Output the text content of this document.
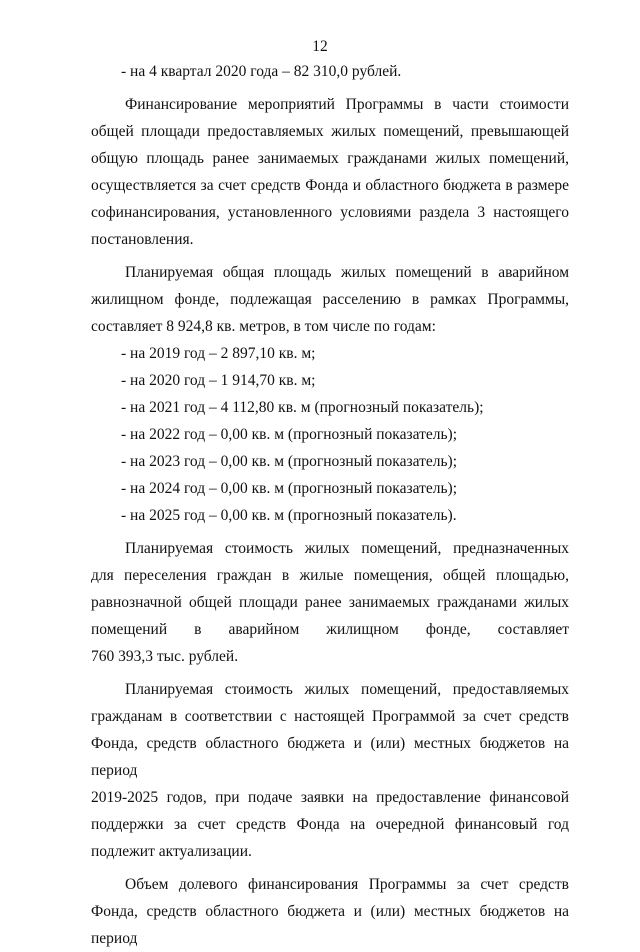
12

- на 4 квартал 2020 года – 82 310,0 рублей.

Финансирование мероприятий Программы в части стоимости

общей площади предоставляемых жилых помещений, превышающей

общую площадь ранее занимаемых гражданами жилых помещений,

осуществляется за счет средств Фонда и областного бюджета в размере

софинансирования, установленного условиями раздела 3 настоящего

постановления.

Планируемая общая площадь жилых помещений в аварийном

жилищном фонде, подлежащая расселению в рамках Программы,

составляет 8 924,8 кв. метров, в том числе по годам:

- на 2019 год – 2 897,10 кв. м;

- на 2020 год – 1 914,70 кв. м;

- на 2021 год – 4 112,80 кв. м (прогнозный показатель);

- на 2022 год – 0,00 кв. м (прогнозный показатель);

- на 2023 год – 0,00 кв. м (прогнозный показатель);

- на 2024 год – 0,00 кв. м (прогнозный показатель);

- на 2025 год – 0,00 кв. м (прогнозный показатель).

Планируемая стоимость жилых помещений, предназначенных

для переселения граждан в жилые помещения, общей площадью,

равнозначной общей площади ранее занимаемых гражданами жилых

помещений в аварийном жилищном фонде, составляет

760 393,3 тыс. рублей.

Планируемая стоимость жилых помещений, предоставляемых

гражданам в соответствии с настоящей Программой за счет средств

Фонда, средств областного бюджета и (или) местных бюджетов на период

2019-2025 годов, при подаче заявки на предоставление финансовой

поддержки за счет средств Фонда на очередной финансовый год

подлежит актуализации.

Объем долевого финансирования Программы за счет средств

Фонда, средств областного бюджета и (или) местных бюджетов на период
